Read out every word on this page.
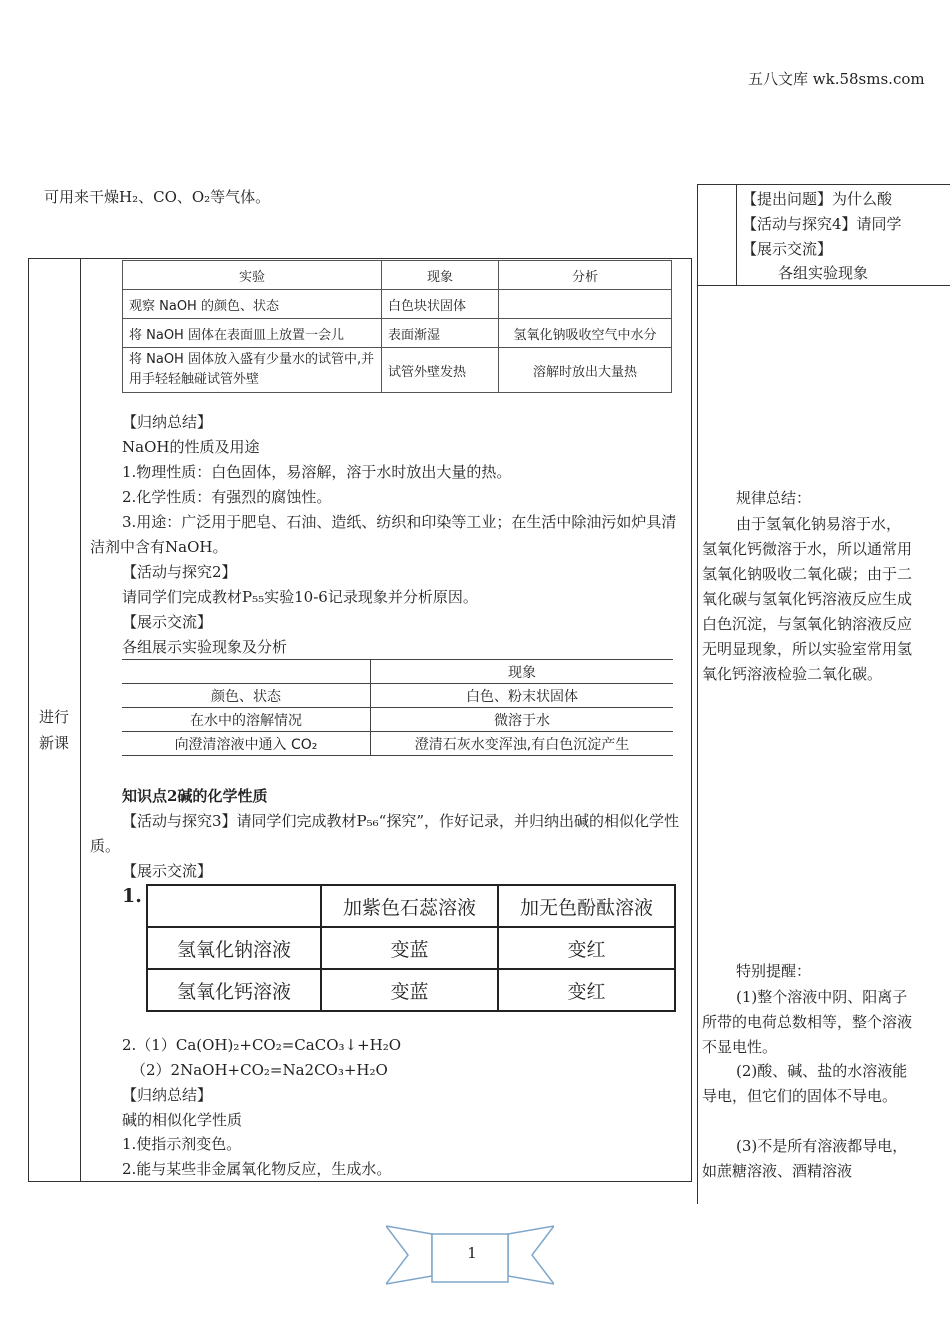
五八文库 wk.58sms.com
可用来干燥H₂、CO、O₂等气体。	【提出问题】为什么酸
【活动与探究4】请同学
【展示交流】
各组实验现象
进行
新课
实验	现象	分析
观察 NaOH 的颜色、状态	白色块状固体	
将 NaOH 固体在表面皿上放置一会儿	表面渐湿	氢氧化钠吸收空气中水分
将 NaOH 固体放入盛有少量水的试管中,并用手轻轻触碰试管外壁	试管外壁发热	溶解时放出大量热
【归纳总结】
NaOH的性质及用途
1.物理性质：白色固体，易溶解，溶于水时放出大量的热。
2.化学性质：有强烈的腐蚀性。
3.用途：广泛用于肥皂、石油、造纸、纺织和印染等工业；在生活中除油污如炉具清洁剂中含有NaOH。
【活动与探究2】
请同学们完成教材P₅₅实验10-6记录现象并分析原因。
【展示交流】
各组展示实验现象及分析
	现象
颜色、状态	白色、粉末状固体
在水中的溶解情况	微溶于水
向澄清溶液中通入 CO₂	澄清石灰水变浑浊,有白色沉淀产生
知识点2碱的化学性质
【活动与探究3】请同学们完成教材P₅₆“探究”，作好记录，并归纳出碱的相似化学性质。
【展示交流】
1.
	加紫色石蕊溶液	加无色酚酞溶液
氢氧化钠溶液	变蓝	变红
氢氧化钙溶液	变蓝	变红
2.（1）Ca(OH)₂+CO₂=CaCO₃↓+H₂O
（2）2NaOH+CO₂=Na2CO₃+H₂O
【归纳总结】
碱的相似化学性质
1.使指示剂变色。
2.能与某些非金属氧化物反应，生成水。
规律总结：
由于氢氧化钠易溶于水，氢氧化钙微溶于水，所以通常用氢氧化钠吸收二氧化碳；由于二氧化碳与氢氧化钙溶液反应生成白色沉淀，与氢氧化钠溶液反应无明显现象，所以实验室常用氢氧化钙溶液检验二氧化碳。
特别提醒：
(1)整个溶液中阴、阳离子所带的电荷总数相等，整个溶液不显电性。
(2)酸、碱、盐的水溶液能导电，但它们的固体不导电。
(3)不是所有溶液都导电，如蔗糖溶液、酒精溶液
1
